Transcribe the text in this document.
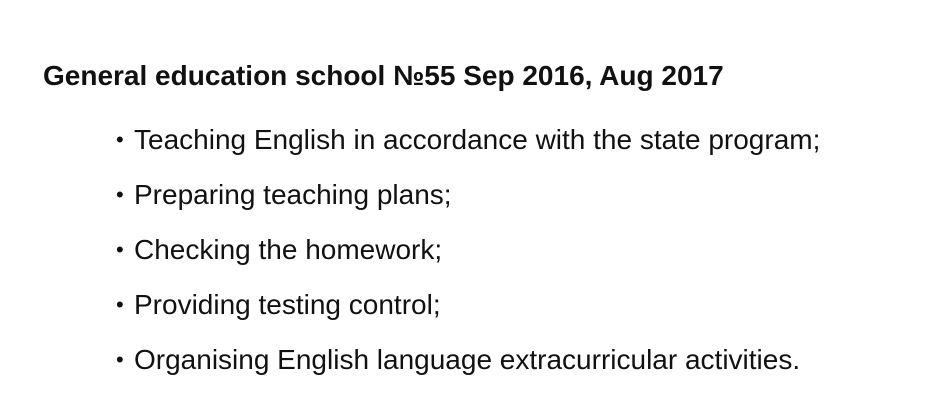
General education school №55 Sep 2016, Aug 2017
• Teaching English in accordance with the state program;
• Preparing teaching plans;
• Checking the homework;
• Providing testing control;
• Organising English language extracurricular activities.
